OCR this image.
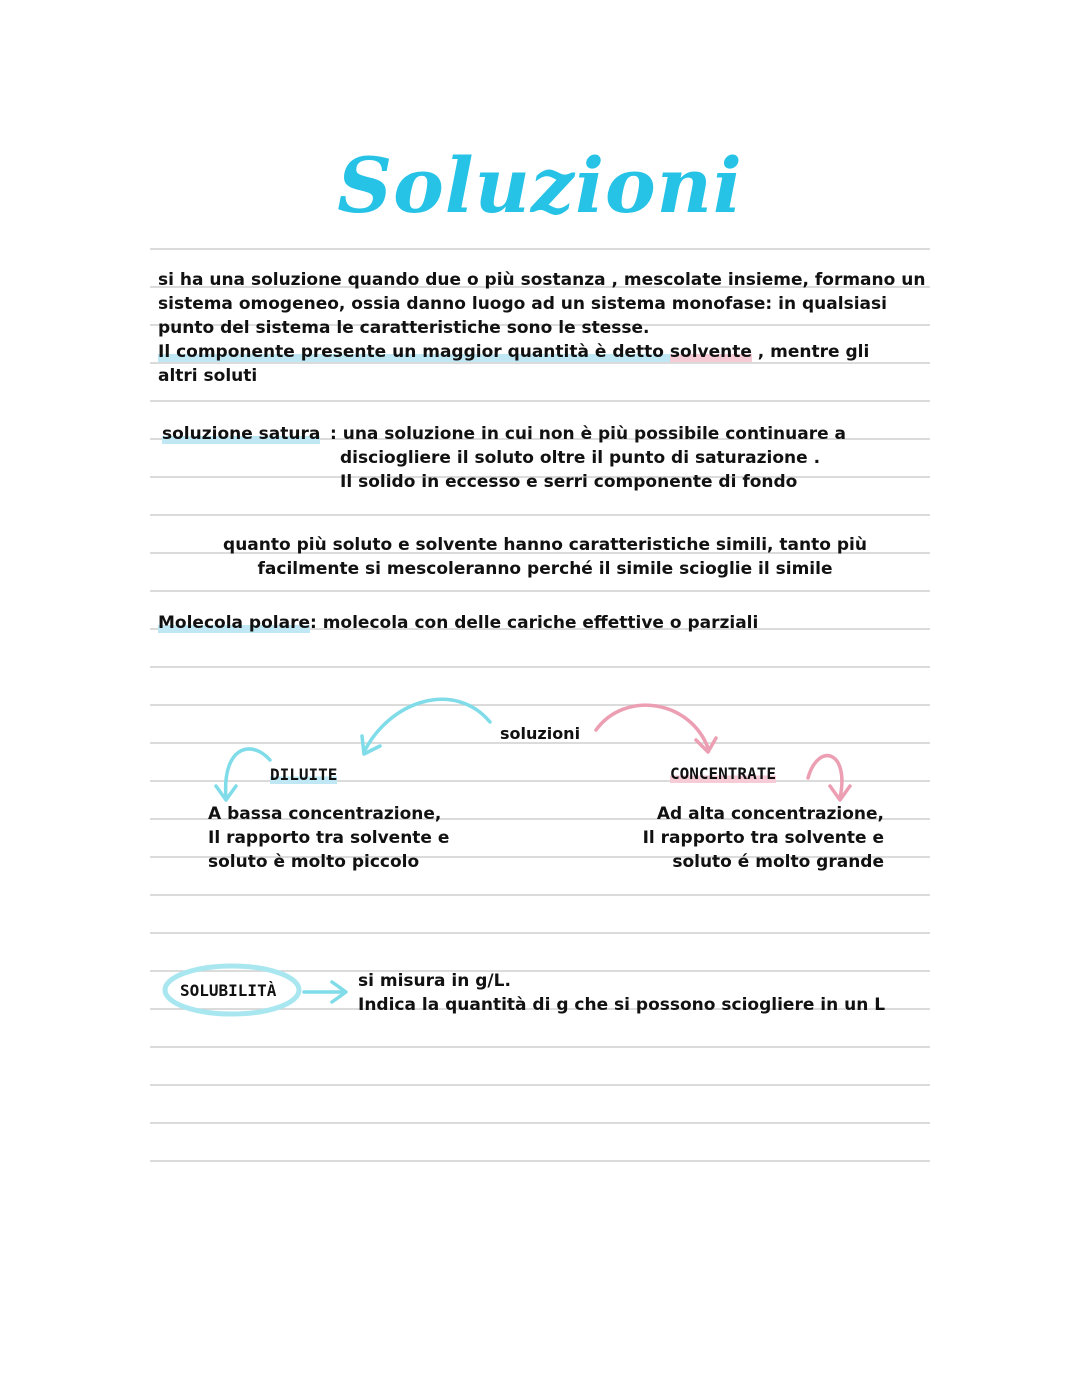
Soluzioni
si ha una soluzione quando due o più sostanza , mescolate insieme, formano un
sistema omogeneo, ossia danno luogo ad un sistema monofase: in qualsiasi
punto del sistema le caratteristiche sono le stesse.
Il componente presente un maggior quantità è detto solvente , mentre gli
altri soluti
soluzione satura : una soluzione in cui non è più possibile continuare a
disciogliere il soluto oltre il punto di saturazione .
Il solido in eccesso e serri componente di fondo
quanto più soluto e solvente hanno caratteristiche simili, tanto più
facilmente si mescoleranno perché il simile scioglie il simile
Molecola polare: molecola con delle cariche effettive o parziali
soluzioni
DILUITE
A bassa concentrazione,
Il rapporto tra solvente e
soluto è molto piccolo
CONCENTRATE
Ad alta concentrazione,
Il rapporto tra solvente e
soluto é molto grande
SOLUBILITÀ	si misura in g/L.
Indica la quantità di g che si possono sciogliere in un L
